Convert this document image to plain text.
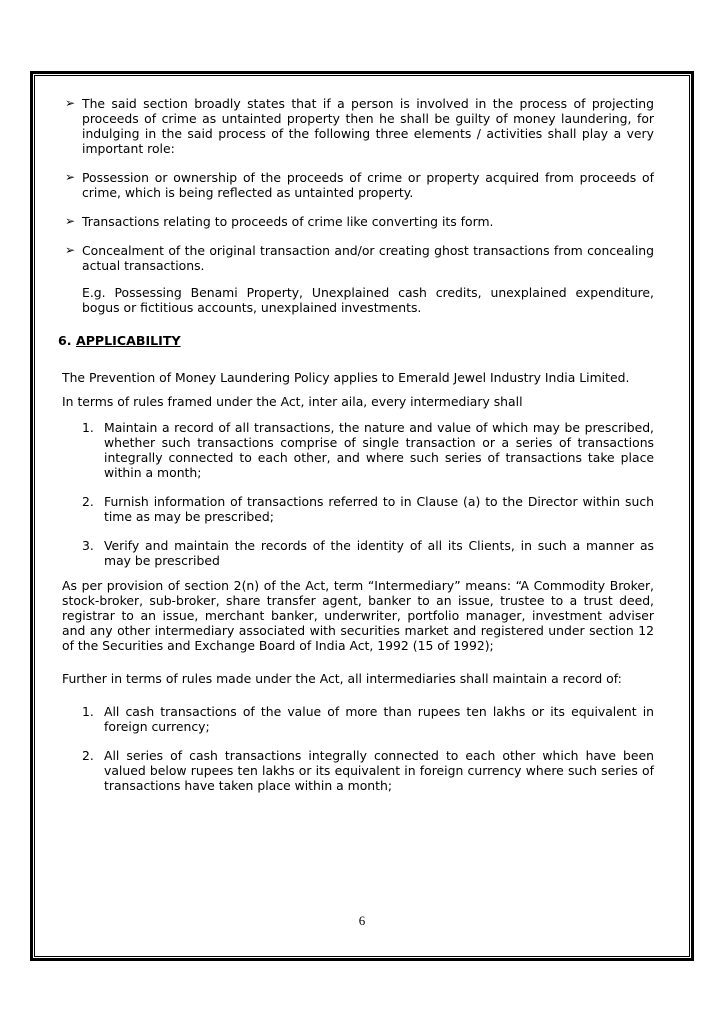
➢ The said section broadly states that if a person is involved in the process of projecting proceeds of crime as untainted property then he shall be guilty of money laundering, for indulging in the said process of the following three elements / activities shall play a very important role:
➢ Possession or ownership of the proceeds of crime or property acquired from proceeds of crime, which is being reflected as untainted property.
➢ Transactions relating to proceeds of crime like converting its form.
➢ Concealment of the original transaction and/or creating ghost transactions from concealing actual transactions.
E.g. Possessing Benami Property, Unexplained cash credits, unexplained expenditure, bogus or fictitious accounts, unexplained investments.
6. APPLICABILITY
The Prevention of Money Laundering Policy applies to Emerald Jewel Industry India Limited.
In terms of rules framed under the Act, inter aila, every intermediary shall
1. Maintain a record of all transactions, the nature and value of which may be prescribed, whether such transactions comprise of single transaction or a series of transactions integrally connected to each other, and where such series of transactions take place within a month;
2. Furnish information of transactions referred to in Clause (a) to the Director within such time as may be prescribed;
3. Verify and maintain the records of the identity of all its Clients, in such a manner as may be prescribed
As per provision of section 2(n) of the Act, term “Intermediary” means: “A Commodity Broker, stock-broker, sub-broker, share transfer agent, banker to an issue, trustee to a trust deed, registrar to an issue, merchant banker, underwriter, portfolio manager, investment adviser and any other intermediary associated with securities market and registered under section 12 of the Securities and Exchange Board of India Act, 1992 (15 of 1992);
Further in terms of rules made under the Act, all intermediaries shall maintain a record of:
1. All cash transactions of the value of more than rupees ten lakhs or its equivalent in foreign currency;
2. All series of cash transactions integrally connected to each other which have been valued below rupees ten lakhs or its equivalent in foreign currency where such series of transactions have taken place within a month;
6
